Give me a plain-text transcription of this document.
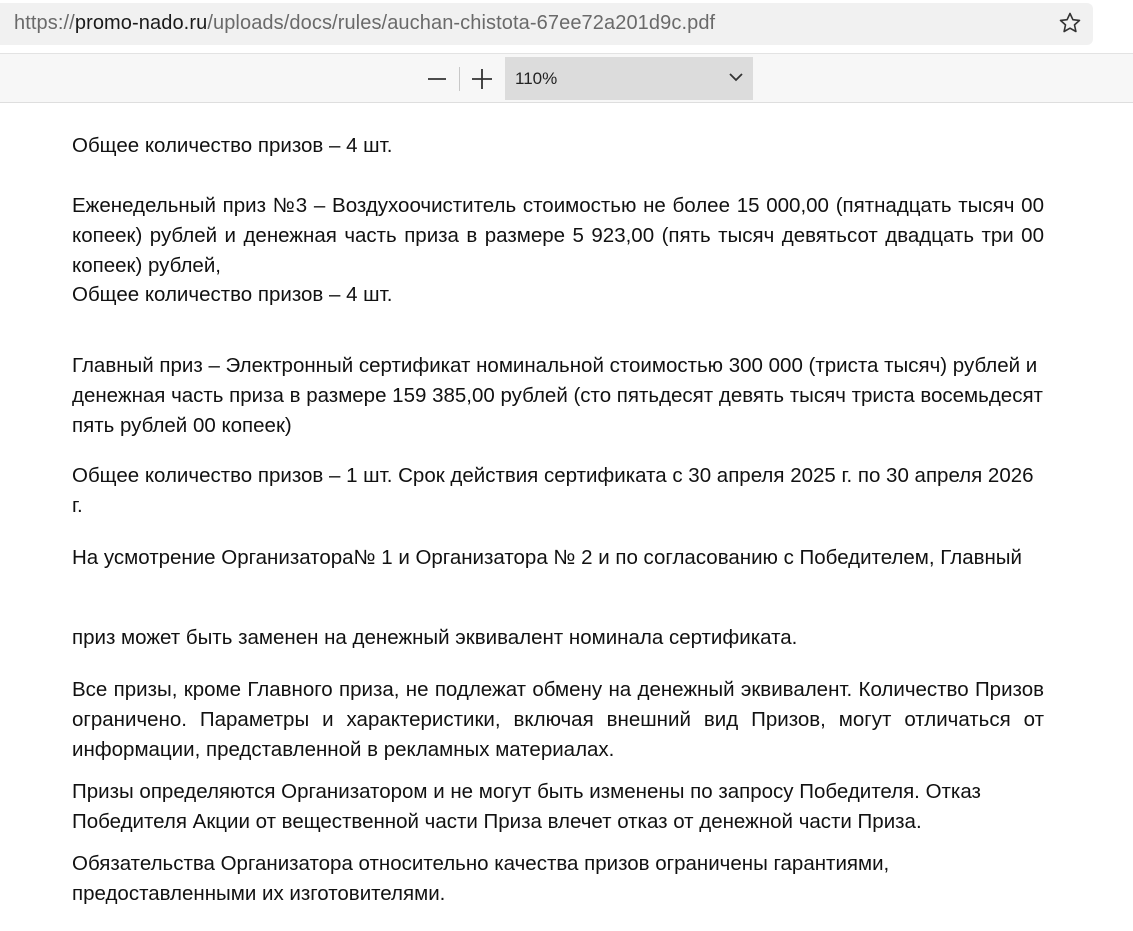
https://promo-nado.ru/uploads/docs/rules/auchan-chistota-67ee72a201d9c.pdf
110%
Общее количество призов – 4 шт.
Еженедельный приз №3 – Воздухоочиститель стоимостью не более 15 000,00 (пятнадцать тысяч 00 копеек) рублей и денежная часть приза в размере 5 923,00 (пять тысяч девятьсот двадцать три 00 копеек) рублей,
Общее количество призов – 4 шт.
Главный приз – Электронный сертификат номинальной стоимостью 300 000 (триста тысяч) рублей и денежная часть приза в размере 159 385,00 рублей (сто пятьдесят девять тысяч триста восемьдесят пять рублей 00 копеек)
Общее количество призов – 1 шт. Срок действия сертификата с 30 апреля 2025 г. по 30 апреля 2026 г.
На усмотрение Организатора№ 1 и Организатора № 2 и по согласованию с Победителем, Главный
приз может быть заменен на денежный эквивалент номинала сертификата.
Все призы, кроме Главного приза, не подлежат обмену на денежный эквивалент. Количество Призов ограничено. Параметры и характеристики, включая внешний вид Призов, могут отличаться от информации, представленной в рекламных материалах.
Призы определяются Организатором и не могут быть изменены по запросу Победителя. Отказ Победителя Акции от вещественной части Приза влечет отказ от денежной части Приза.
Обязательства Организатора относительно качества призов ограничены гарантиями, предоставленными их изготовителями.
